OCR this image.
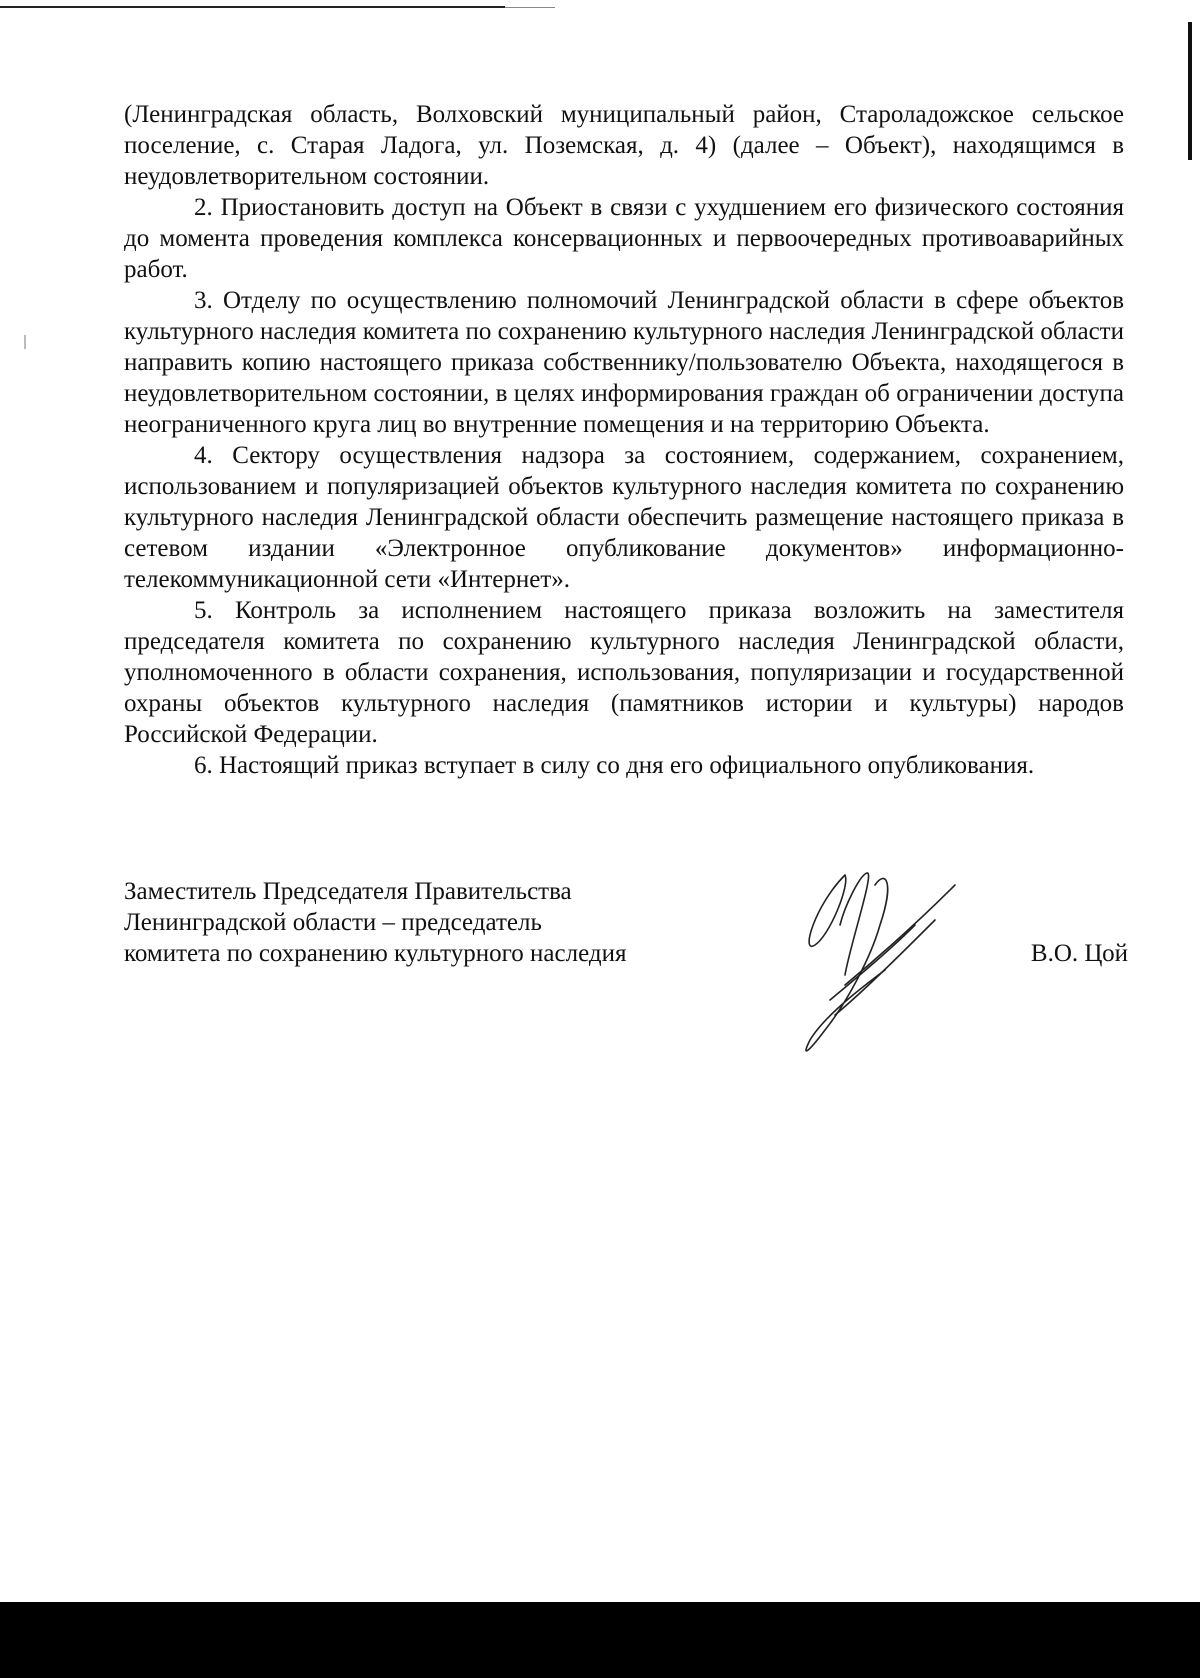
(Ленинградская область, Волховский муниципальный район, Староладожское сельское поселение, с. Старая Ладога, ул. Поземская, д. 4) (далее – Объект), находящимся в неудовлетворительном состоянии.

2. Приостановить доступ на Объект в связи с ухудшением его физического состояния до момента проведения комплекса консервационных и первоочередных противоаварийных работ.

3. Отделу по осуществлению полномочий Ленинградской области в сфере объектов культурного наследия комитета по сохранению культурного наследия Ленинградской области направить копию настоящего приказа собственнику/пользователю Объекта, находящегося в неудовлетворительном состоянии, в целях информирования граждан об ограничении доступа неограниченного круга лиц во внутренние помещения и на территорию Объекта.

4. Сектору осуществления надзора за состоянием, содержанием, сохранением, использованием и популяризацией объектов культурного наследия комитета по сохранению культурного наследия Ленинградской области обеспечить размещение настоящего приказа в сетевом издании «Электронное опубликование документов» информационно-телекоммуникационной сети «Интернет».

5. Контроль за исполнением настоящего приказа возложить на заместителя председателя комитета по сохранению культурного наследия Ленинградской области, уполномоченного в области сохранения, использования, популяризации и государственной охраны объектов культурного наследия (памятников истории и культуры) народов Российской Федерации.

6. Настоящий приказ вступает в силу со дня его официального опубликования.

Заместитель Председателя Правительства
Ленинградской области – председатель
комитета по сохранению культурного наследия	В.О. Цой
